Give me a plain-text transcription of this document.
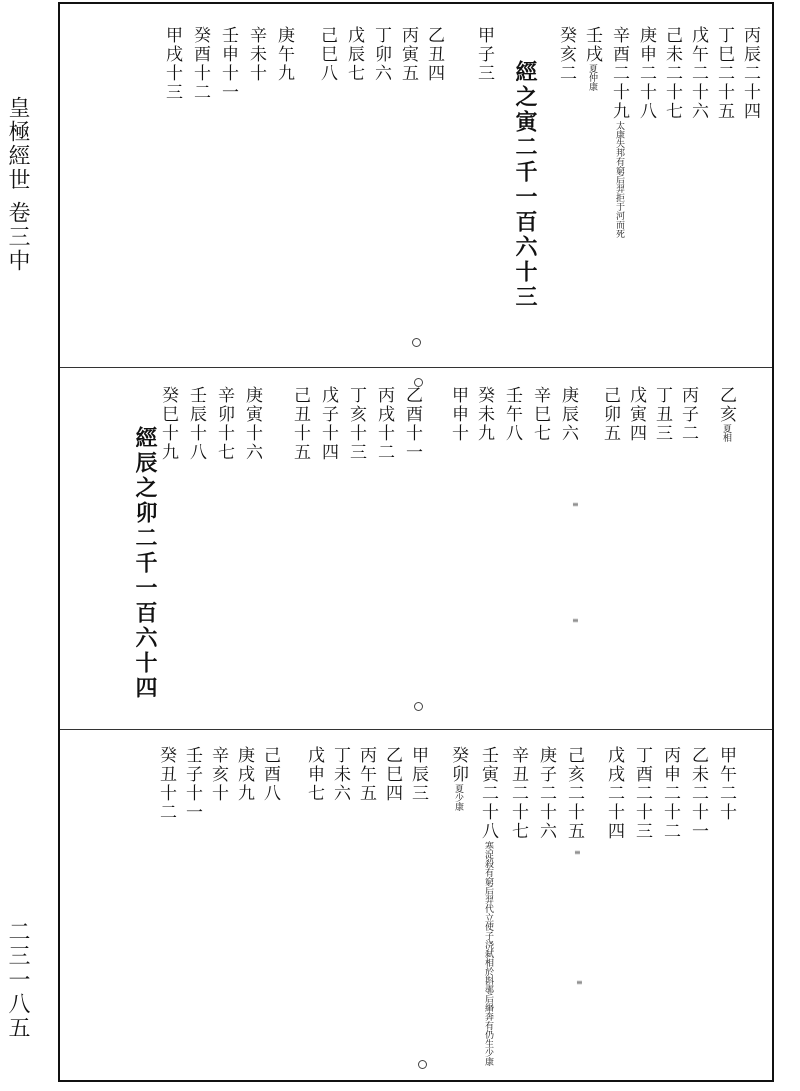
皇極經世 卷三中
二三一八五
丙辰二十四
丁巳二十五
戊午二十六
己未二十七
庚申二十八
辛酉二十九太康失邦有窮后羿拒于河而死
壬戌夏仲康
癸亥二
經之寅二千一百六十三
甲子三
乙丑四
丙寅五
丁卯六
戊辰七
己巳八
庚午九
辛未十
壬申十一
癸酉十二
甲戌十三
乙亥夏相
丙子二
丁丑三
戊寅四
己卯五
庚辰六
辛巳七
壬午八
癸未九
甲申十
乙酉十一
丙戌十二
丁亥十三
戊子十四
己丑十五
庚寅十六
辛卯十七
壬辰十八
癸巳十九
經辰之卯二千一百六十四	≡
≡
甲午二十
乙未二十一
丙申二十二
丁酉二十三
戊戌二十四
己亥二十五
庚子二十六
辛丑二十七
壬寅二十八寒浞殺有窮后羿代立使子浇弑相於斟鄩后緡奔有仍生少康
癸卯夏少康
甲辰三
乙巳四
丙午五
丁未六
戊申七
己酉八
庚戌九
辛亥十
壬子十一
癸丑十二
≡
≡
